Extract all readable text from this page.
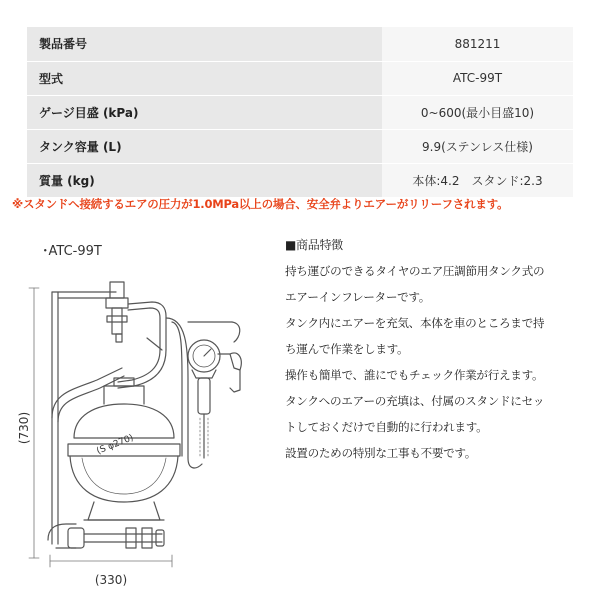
製品番号	881211
型式	ATC-99T
ゲージ目盛 (kPa)	0~600(最小目盛10)
タンク容量 (L)	9.9(ステンレス仕様)
質量 (kg)	本体:4.2　スタンド:2.3
※スタンドへ接続するエアの圧力が1.0MPa以上の場合、安全弁よりエアーがリリーフされます。
･ATC-99T
(730)
(330)
(S φ270)
■商品特徴
持ち運びのできるタイヤのエア圧調節用タンク式の
エアーインフレーターです。
タンク内にエアーを充気、本体を車のところまで持
ち運んで作業をします。
操作も簡単で、誰にでもチェック作業が行えます。
タンクへのエアーの充填は、付属のスタンドにセッ
トしておくだけで自動的に行われます。
設置のための特別な工事も不要です。
